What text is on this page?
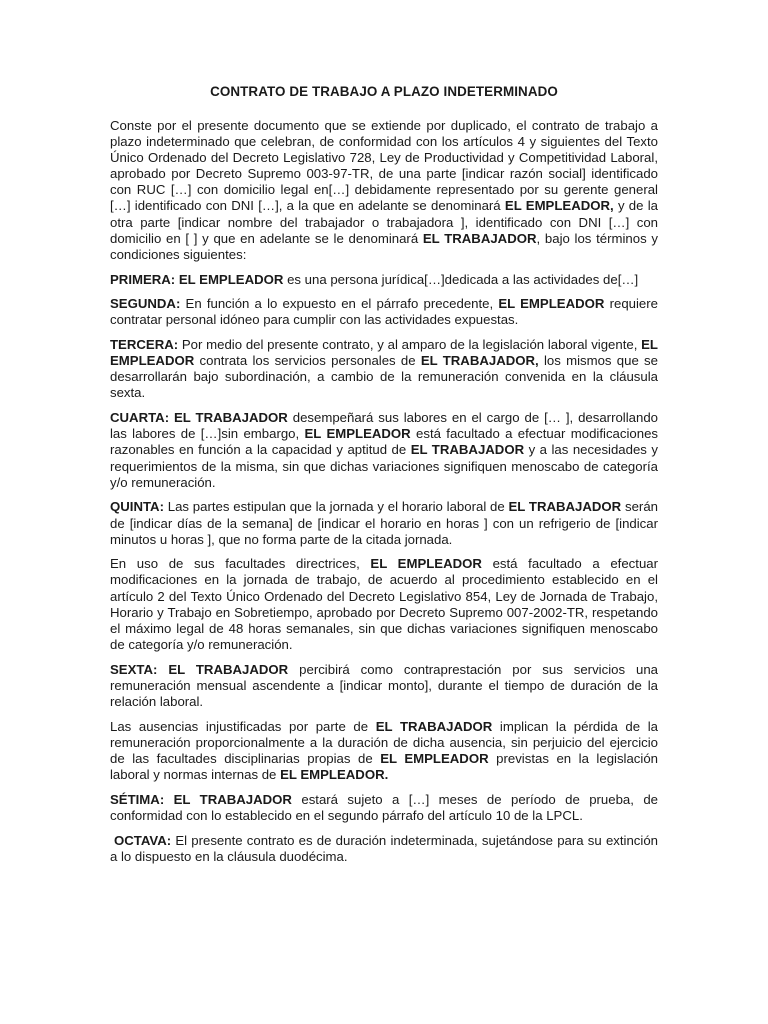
CONTRATO DE TRABAJO A PLAZO INDETERMINADO

Conste por el presente documento que se extiende por duplicado, el contrato de trabajo a plazo indeterminado que celebran, de conformidad con los artículos 4 y siguientes del Texto Único Ordenado del Decreto Legislativo 728, Ley de Productividad y Competitividad Laboral, aprobado por Decreto Supremo 003-97-TR, de una parte [indicar razón social] identificado con RUC […] con domicilio legal en[…] debidamente representado por su gerente general […] identificado con DNI […], a la que en adelante se denominará EL EMPLEADOR, y de la otra parte [indicar nombre del trabajador o trabajadora ], identificado con DNI […] con domicilio en [ ] y que en adelante se le denominará EL TRABAJADOR, bajo los términos y condiciones siguientes:

PRIMERA: EL EMPLEADOR es una persona jurídica[…]dedicada a las actividades de[…]

SEGUNDA: En función a lo expuesto en el párrafo precedente, EL EMPLEADOR requiere contratar personal idóneo para cumplir con las actividades expuestas.

TERCERA: Por medio del presente contrato, y al amparo de la legislación laboral vigente, EL EMPLEADOR contrata los servicios personales de EL TRABAJADOR, los mismos que se desarrollarán bajo subordinación, a cambio de la remuneración convenida en la cláusula sexta.

CUARTA: EL TRABAJADOR desempeñará sus labores en el cargo de [… ], desarrollando las labores de […]sin embargo, EL EMPLEADOR está facultado a efectuar modificaciones razonables en función a la capacidad y aptitud de EL TRABAJADOR y a las necesidades y requerimientos de la misma, sin que dichas variaciones signifiquen menoscabo de categoría y/o remuneración.

QUINTA: Las partes estipulan que la jornada y el horario laboral de EL TRABAJADOR serán de [indicar días de la semana] de [indicar el horario en horas ] con un refrigerio de [indicar minutos u horas ], que no forma parte de la citada jornada.

En uso de sus facultades directrices, EL EMPLEADOR está facultado a efectuar modificaciones en la jornada de trabajo, de acuerdo al procedimiento establecido en el artículo 2 del Texto Único Ordenado del Decreto Legislativo 854, Ley de Jornada de Trabajo, Horario y Trabajo en Sobretiempo, aprobado por Decreto Supremo 007-2002-TR, respetando el máximo legal de 48 horas semanales, sin que dichas variaciones signifiquen menoscabo de categoría y/o remuneración.

SEXTA: EL TRABAJADOR percibirá como contraprestación por sus servicios una remuneración mensual ascendente a [indicar monto], durante el tiempo de duración de la relación laboral.

Las ausencias injustificadas por parte de EL TRABAJADOR implican la pérdida de la remuneración proporcionalmente a la duración de dicha ausencia, sin perjuicio del ejercicio de las facultades disciplinarias propias de EL EMPLEADOR previstas en la legislación laboral y normas internas de EL EMPLEADOR.

SÉTIMA: EL TRABAJADOR estará sujeto a […] meses de período de prueba, de conformidad con lo establecido en el segundo párrafo del artículo 10 de la LPCL.

OCTAVA: El presente contrato es de duración indeterminada, sujetándose para su extinción a lo dispuesto en la cláusula duodécima.
